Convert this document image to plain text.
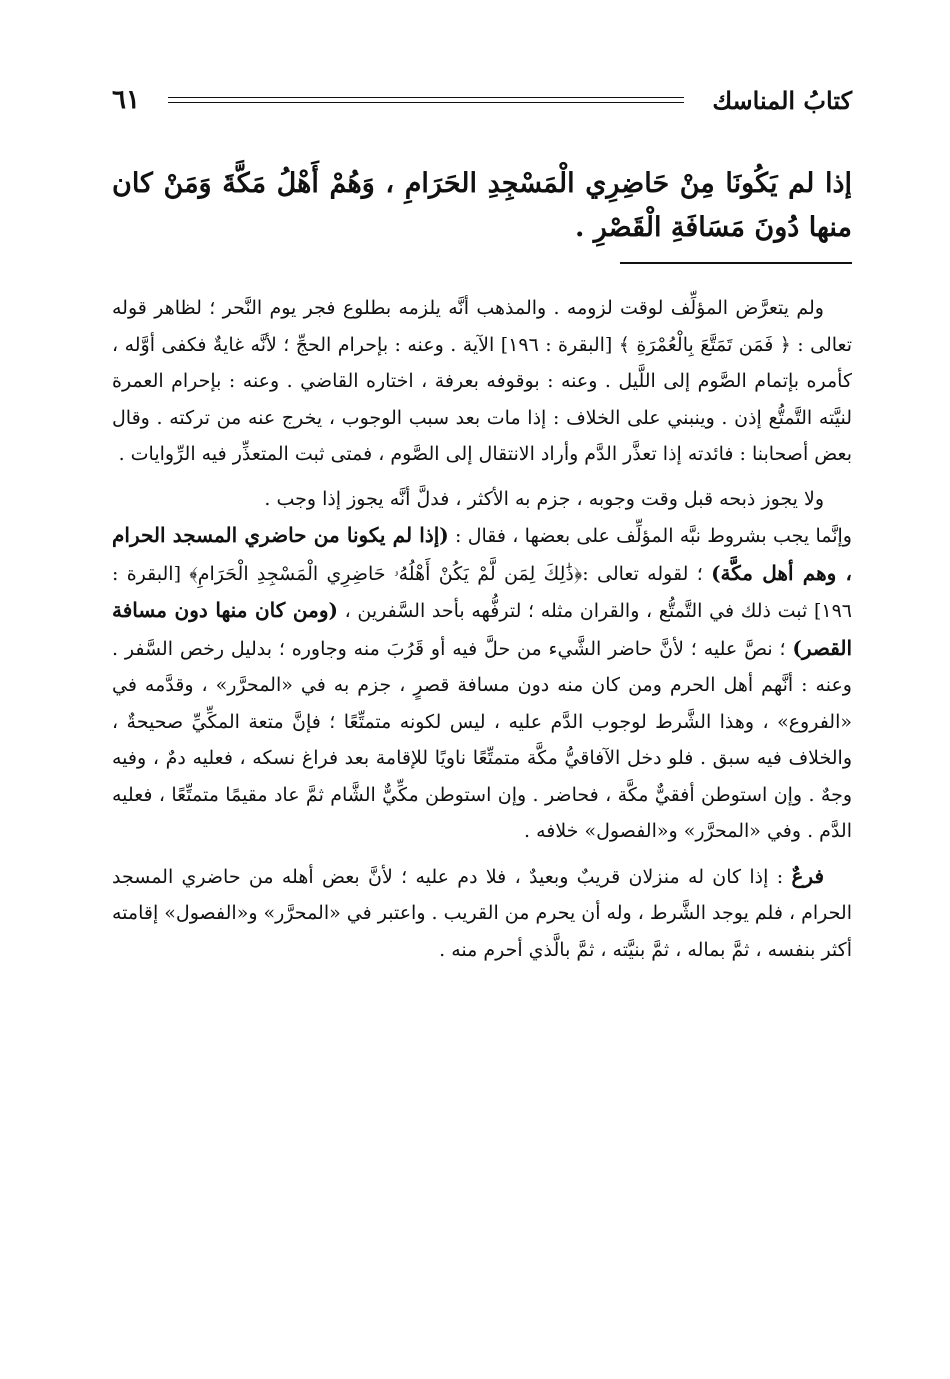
كتابُ المناسك
٦١
إذا لم يَكُونَا مِنْ حَاضِرِي الْمَسْجِدِ الحَرَامِ ، وَهُمْ أَهْلُ مَكَّةَ وَمَنْ كان منها دُونَ مَسَافَةِ الْقَصْرِ .

ولم يتعرَّض المؤلِّف لوقت لزومه . والمذهب أنَّه يلزمه بطلوع فجر يوم النَّحر ؛ لظاهر قوله تعالى : ﴿ فَمَن تَمَتَّعَ بِالْعُمْرَةِ ﴾ [البقرة : ١٩٦] الآية . وعنه : بإحرام الحجِّ ؛ لأنَّه غايةٌ فكفى أوَّله ، كأمره بإتمام الصَّوم إلى اللَّيل . وعنه : بوقوفه بعرفة ، اختاره القاضي . وعنه : بإحرام العمرة لنيَّته التَّمتُّع إذن . وينبني على الخلاف : إذا مات بعد سبب الوجوب ، يخرج عنه من تركته . وقال بعض أصحابنا : فائدته إذا تعذَّر الدَّم وأراد الانتقال إلى الصَّوم ، فمتى ثبت المتعذِّر فيه الرِّوايات .

ولا يجوز ذبحه قبل وقت وجوبه ، جزم به الأكثر ، فدلَّ أنَّه يجوز إذا وجب .
وإنَّما يجب بشروط نبَّه المؤلِّف على بعضها ، فقال : (إذا لم يكونا من حاضري المسجد الحرام ، وهم أهل مكَّة) ؛ لقوله تعالى :﴿ذَٰلِكَ لِمَن لَّمْ يَكُنْ أَهْلُهُۥ حَاضِرِي الْمَسْجِدِ الْحَرَامِ﴾ [البقرة : ١٩٦] ثبت ذلك في التَّمتُّع ، والقران مثله ؛ لترفُّهه بأحد السَّفرين ، (ومن كان منها دون مسافة القصر) ؛ نصَّ عليه ؛ لأنَّ حاضر الشَّيء من حلَّ فيه أو قَرُبَ منه وجاوره ؛ بدليل رخص السَّفر . وعنه : أنَّهم أهل الحرم ومن كان منه دون مسافة قصرٍ ، جزم به في «المحرَّر» ، وقدَّمه في «الفروع» ، وهذا الشَّرط لوجوب الدَّم عليه ، ليس لكونه متمتِّعًا ؛ فإنَّ متعة المكِّيِّ صحيحةٌ ، والخلاف فيه سبق . فلو دخل الآفاقيُّ مكَّة متمتِّعًا ناويًا للإقامة بعد فراغ نسكه ، فعليه دمٌ ، وفيه وجهٌ . وإن استوطن أفقيٌّ مكَّة ، فحاضر . وإن استوطن مكِّيٌّ الشَّام ثمَّ عاد مقيمًا متمتِّعًا ، فعليه الدَّم . وفي «المحرَّر» و«الفصول» خلافه .

فرعٌ : إذا كان له منزلان قريبٌ وبعيدٌ ، فلا دم عليه ؛ لأنَّ بعض أهله من حاضري المسجد الحرام ، فلم يوجد الشَّرط ، وله أن يحرم من القريب . واعتبر في «المحرَّر» و«الفصول» إقامته أكثر بنفسه ، ثمَّ بماله ، ثمَّ بنيَّته ، ثمَّ بالَّذي أحرم منه .
